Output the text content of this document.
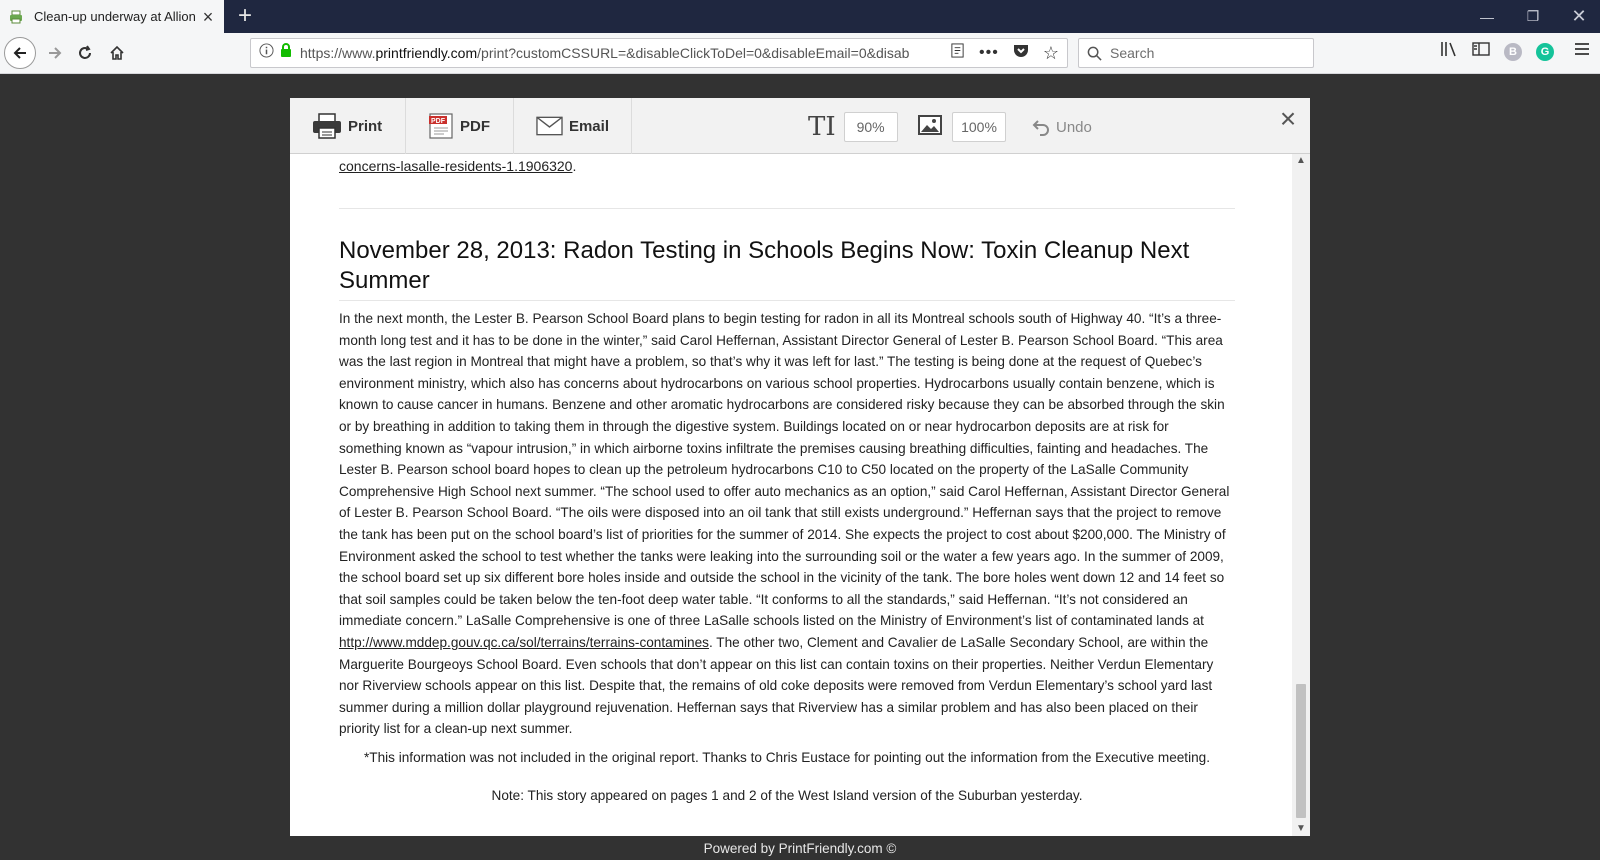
Clean-up underway at Allion × +	—	❐	✕
https://www.printfriendly.com/print?customCSSURL=&disableClickToDel=0&disableEmail=0&disab	••• ☆	Search	B	G
Print	PDF PDF	Email	TI	90%	100%	Undo	×
concerns-lasalle-residents-1.1906320.
November 28, 2013: Radon Testing in Schools Begins Now: Toxin Cleanup Next Summer

In the next month, the Lester B. Pearson School Board plans to begin testing for radon in all its Montreal schools south of Highway 40. “It’s a three-month long test and it has to be done in the winter,” said Carol Heffernan, Assistant Director General of Lester B. Pearson School Board. “This area was the last region in Montreal that might have a problem, so that’s why it was left for last.” The testing is being done at the request of Quebec’s environment ministry, which also has concerns about hydrocarbons on various school properties. Hydrocarbons usually contain benzene, which is known to cause cancer in humans. Benzene and other aromatic hydrocarbons are considered risky because they can be absorbed through the skin or by breathing in addition to taking them in through the digestive system. Buildings located on or near hydrocarbon deposits are at risk for something known as “vapour intrusion,” in which airborne toxins infiltrate the premises causing breathing difficulties, fainting and headaches. The Lester B. Pearson school board hopes to clean up the petroleum hydrocarbons C10 to C50 located on the property of the LaSalle Community Comprehensive High School next summer. “The school used to offer auto mechanics as an option,” said Carol Heffernan, Assistant Director General of Lester B. Pearson School Board. “The oils were disposed into an oil tank that still exists underground.” Heffernan says that the project to remove the tank has been put on the school board’s list of priorities for the summer of 2014. She expects the project to cost about $200,000. The Ministry of Environment asked the school to test whether the tanks were leaking into the surrounding soil or the water a few years ago. In the summer of 2009, the school board set up six different bore holes inside and outside the school in the vicinity of the tank. The bore holes went down 12 and 14 feet so that soil samples could be taken below the ten-foot deep water table. “It conforms to all the standards,” said Heffernan. “It’s not considered an immediate concern.” LaSalle Comprehensive is one of three LaSalle schools listed on the Ministry of Environment’s list of contaminated lands at http://www.mddep.gouv.qc.ca/sol/terrains/terrains-contamines. The other two, Clement and Cavalier de LaSalle Secondary School, are within the Marguerite Bourgeoys School Board. Even schools that don’t appear on this list can contain toxins on their properties. Neither Verdun Elementary nor Riverview schools appear on this list. Despite that, the remains of old coke deposits were removed from Verdun Elementary’s school yard last summer during a million dollar playground rejuvenation. Heffernan says that Riverview has a similar problem and has also been placed on their priority list for a clean-up next summer.

*This information was not included in the original report. Thanks to Chris Eustace for pointing out the information from the Executive meeting.

Note: This story appeared on pages 1 and 2 of the West Island version of the Suburban yesterday.

▲
▼
Powered by PrintFriendly.com ©
